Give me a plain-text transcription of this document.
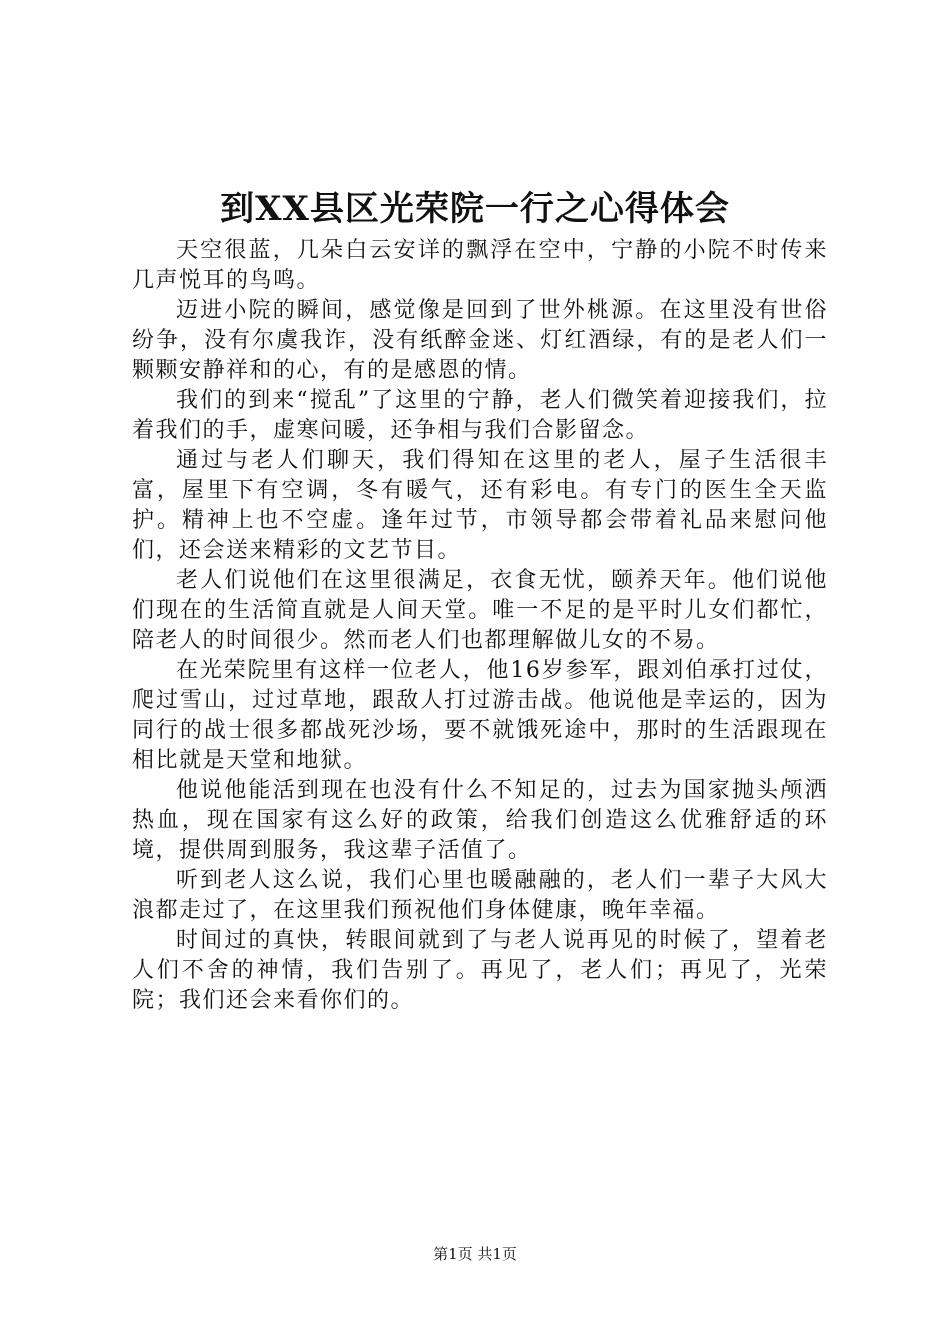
到XX县区光荣院一行之心得体会

天空很蓝，几朵白云安详的飘浮在空中，宁静的小院不时传来几声悦耳的鸟鸣。

迈进小院的瞬间，感觉像是回到了世外桃源。在这里没有世俗纷争，没有尔虞我诈，没有纸醉金迷、灯红酒绿，有的是老人们一颗颗安静祥和的心，有的是感恩的情。

我们的到来“搅乱”了这里的宁静，老人们微笑着迎接我们，拉着我们的手，虚寒问暖，还争相与我们合影留念。

通过与老人们聊天，我们得知在这里的老人，屋子生活很丰富，屋里下有空调，冬有暖气，还有彩电。有专门的医生全天监护。精神上也不空虚。逢年过节，市领导都会带着礼品来慰问他们，还会送来精彩的文艺节目。

老人们说他们在这里很满足，衣食无忧，颐养天年。他们说他们现在的生活简直就是人间天堂。唯一不足的是平时儿女们都忙，陪老人的时间很少。然而老人们也都理解做儿女的不易。

在光荣院里有这样一位老人，他16岁参军，跟刘伯承打过仗，爬过雪山，过过草地，跟敌人打过游击战。他说他是幸运的，因为同行的战士很多都战死沙场，要不就饿死途中，那时的生活跟现在相比就是天堂和地狱。

他说他能活到现在也没有什么不知足的，过去为国家抛头颅洒热血，现在国家有这么好的政策，给我们创造这么优雅舒适的环境，提供周到服务，我这辈子活值了。

听到老人这么说，我们心里也暖融融的，老人们一辈子大风大浪都走过了，在这里我们预祝他们身体健康，晚年幸福。

时间过的真快，转眼间就到了与老人说再见的时候了，望着老人们不舍的神情，我们告别了。再见了，老人们；再见了，光荣院；我们还会来看你们的。

第1页 共1页
